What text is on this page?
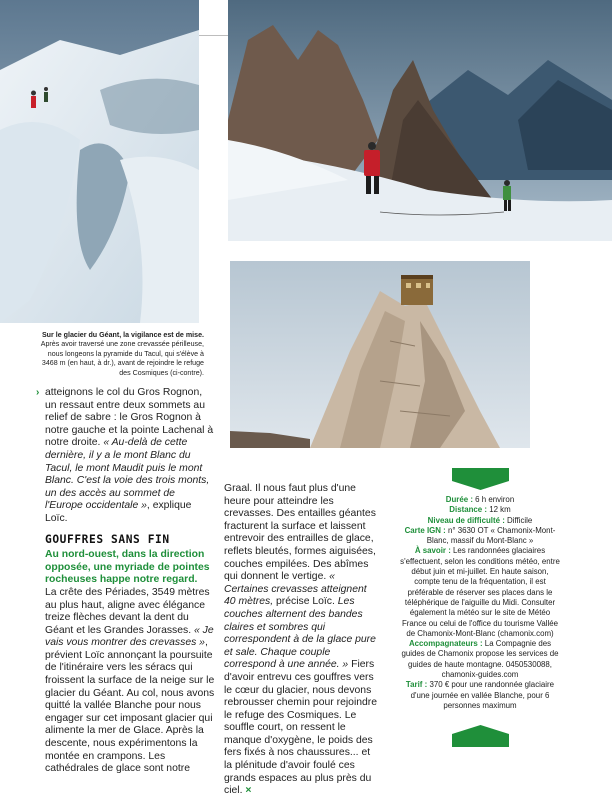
Sur le glacier du Géant, la vigilance est de mise. Après avoir traversé une zone crevassée périlleuse, nous longeons la pyramide du Tacul, qui s'élève à 3468 m (en haut, à dr.), avant de rejoindre le refuge des Cosmiques (ci-contre).
› atteignons le col du Gros Rognon, un ressaut entre deux sommets au relief de sabre : le Gros Rognon à notre gauche et la pointe Lachenal à notre droite. « Au-delà de cette dernière, il y a le mont Blanc du Tacul, le mont Maudit puis le mont Blanc. C'est la voie des trois monts, un des accès au sommet de l'Europe occidentale », explique Loïc.

GOUFFRES SANS FIN

Au nord-ouest, dans la direction opposée, une myriade de pointes rocheuses happe notre regard.

La crête des Périades, 3549 mètres au plus haut, aligne avec élégance treize flèches devant la dent du Géant et les Grandes Jorasses. « Je vais vous montrer des crevasses », prévient Loïc annonçant la poursuite de l'itinéraire vers les séracs qui froissent la surface de la neige sur le glacier du Géant. Au col, nous avons quitté la vallée Blanche pour nous engager sur cet imposant glacier qui alimente la mer de Glace. Après la descente, nous expérimentons la montée en crampons. Les cathédrales de glace sont notre

Graal. Il nous faut plus d'une heure pour atteindre les crevasses. Des entailles géantes fracturent la surface et laissent entrevoir des entrailles de glace, reflets bleutés, formes aiguisées, couches empilées. Des abîmes qui donnent le vertige. « Certaines crevasses atteignent 40 mètres, précise Loïc. Les couches alternent des bandes claires et sombres qui correspondent à de la glace pure et sale. Chaque couple correspond à une année. » Fiers d'avoir entrevu ces gouffres vers le cœur du glacier, nous devons rebrousser chemin pour rejoindre le refuge des Cosmiques. Le souffle court, on ressent le manque d'oxygène, le poids des fers fixés à nos chaussures... et la plénitude d'avoir foulé ces grands espaces au plus près du ciel. ×

Durée : 6 h environ

Distance : 12 km

Niveau de difficulté : Difficile

Carte IGN : n° 3630 OT « Chamonix-Mont-Blanc, massif du Mont-Blanc »

À savoir : Les randonnées glaciaires s'effectuent, selon les conditions météo, entre début juin et mi-juillet. En haute saison, compte tenu de la fréquentation, il est préférable de réserver ses places dans le téléphérique de l'aiguille du Midi. Consulter également la météo sur le site de Météo France ou celui de l'office du tourisme Vallée de Chamonix-Mont-Blanc (chamonix.com)

Accompagnateurs : La Compagnie des guides de Chamonix propose les services de guides de haute montagne. 0450530088, chamonix-guides.com

Tarif : 370 € pour une randonnée glaciaire d'une journée en vallée Blanche, pour 6 personnes maximum
